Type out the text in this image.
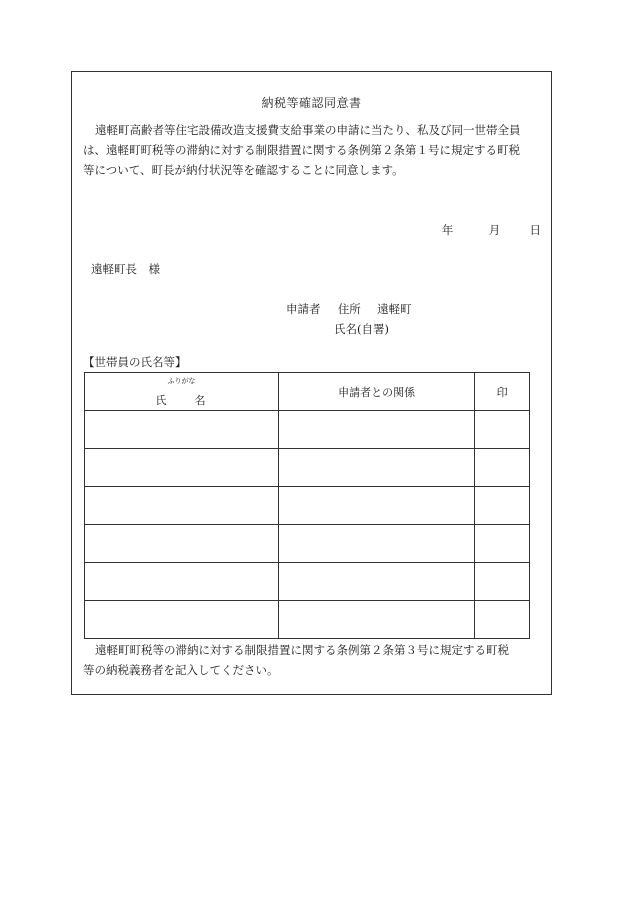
納税等確認同意書
遠軽町高齢者等住宅設備改造支援費支給事業の申請に当たり、私及び同一世帯全員
は、遠軽町町税等の滞納に対する制限措置に関する条例第２条第１号に規定する町税
等について、町長が納付状況等を確認することに同意します。
年	月	日
遠軽町長　様
申請者 住所 遠軽町
氏名(自署)
【世帯員の氏名等】
ふりがな
氏　　名	申請者との関係	印

遠軽町町税等の滞納に対する制限措置に関する条例第２条第３号に規定する町税
等の納税義務者を記入してください。
